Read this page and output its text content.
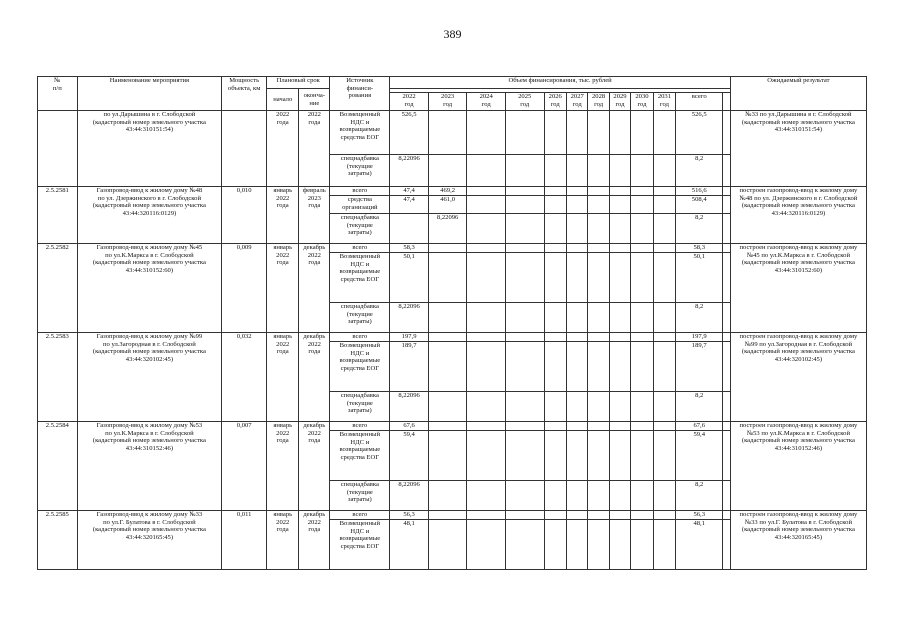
389
№
п/п	Наименование мероприятия	Мощность объекта, км	Плановый срок		Источник
финанси-
рования	Объем финансирования, тыс. рублей												Ожидаемый результат
			начало	оконча-
ние														
						2022
год	2023
год	2024
год	2025
год	2026
год	2027
год	2028
год	2029
год	2030
год	2031
год	всего		
	по ул.Дарышина в г. Слободской
(кадастровый номер земельного участка
43:44:310151:54)		2022
года	2022
года	Возмещенный
НДС и
возвращаемые
средства ЕОГ	526,5										526,5		№33 по ул.Дарышина в г. Слободской
(кадастровый номер земельного участка
43:44:310151:54)
					спецнадбавка
(текущие
затраты)	8,22096										8,2		
2.5.2581	Газопровод-ввод к жилому дому №48
по ул. Дзержинского в г. Слободской
(кадастровый номер земельного участка
43:44:320116:0129)	0,010	январь
2022
года	февраль
2023
года	всего	47,4	469,2									516,6		построен газопровод-ввод к жилому дому
№48 по ул. Дзержинского в г. Слободской
(кадастровый номер земельного участка
43:44:320116:0129)
					средства
организаций	47,4	461,0									508,4		
					спецнадбавка
(текущие
затраты)		8,22096									8,2		
2.5.2582	Газопровод-ввод к жилому дому №45
по ул.К.Маркса в г. Слободской
(кадастровый номер земельного участка
43:44:310152:60)	0,009	январь
2022
года	декабрь
2022
года	всего	58,3										58,3		построен газопровод-ввод к жилому дому
№45 по ул.К.Маркса в г. Слободской
(кадастровый номер земельного участка
43:44:310152:60)
					Возмещенный
НДС и
возвращаемые
средства ЕОГ	50,1										50,1		
					спецнадбавка
(текущие
затраты)	8,22096										8,2		
2.5.2583	Газопровод-ввод к жилому дому №99
по ул.Загородная в г. Слободской
(кадастровый номер земельного участка
43:44:320102:45)	0,032	январь
2022
года	декабрь
2022
года	всего	197,9										197,9		построен газопровод-ввод к жилому дому
№99 по ул.Загородная в г. Слободской
(кадастровый номер земельного участка
43:44:320102:45)
					Возмещенный
НДС и
возвращаемые
средства ЕОГ	189,7										189,7		
					спецнадбавка
(текущие
затраты)	8,22096										8,2		
2.5.2584	Газопровод-ввод к жилому дому №53
по ул.К.Маркса в г. Слободской
(кадастровый номер земельного участка
43:44:310152:46)	0,007	январь
2022
года	декабрь
2022
года	всего	67,6										67,6		построен газопровод-ввод к жилому дому
№53 по ул.К.Маркса в г. Слободской
(кадастровый номер земельного участка
43:44:310152:46)
					Возмещенный
НДС и
возвращаемые
средства ЕОГ	59,4										59,4		
					спецнадбавка
(текущие
затраты)	8,22096										8,2		
2.5.2585	Газопровод-ввод к жилому дому №33
по ул.Г. Булатова в г. Слободской
(кадастровый номер земельного участка
43:44:320165:45)	0,011	январь
2022
года	декабрь
2022
года	всего	56,3										56,3		построен газопровод-ввод к жилому дому
№33 по ул.Г. Булатова в г. Слободской
(кадастровый номер земельного участка
43:44:320165:45)
					Возмещенный
НДС и
возвращаемые
средства ЕОГ	48,1										48,1		
